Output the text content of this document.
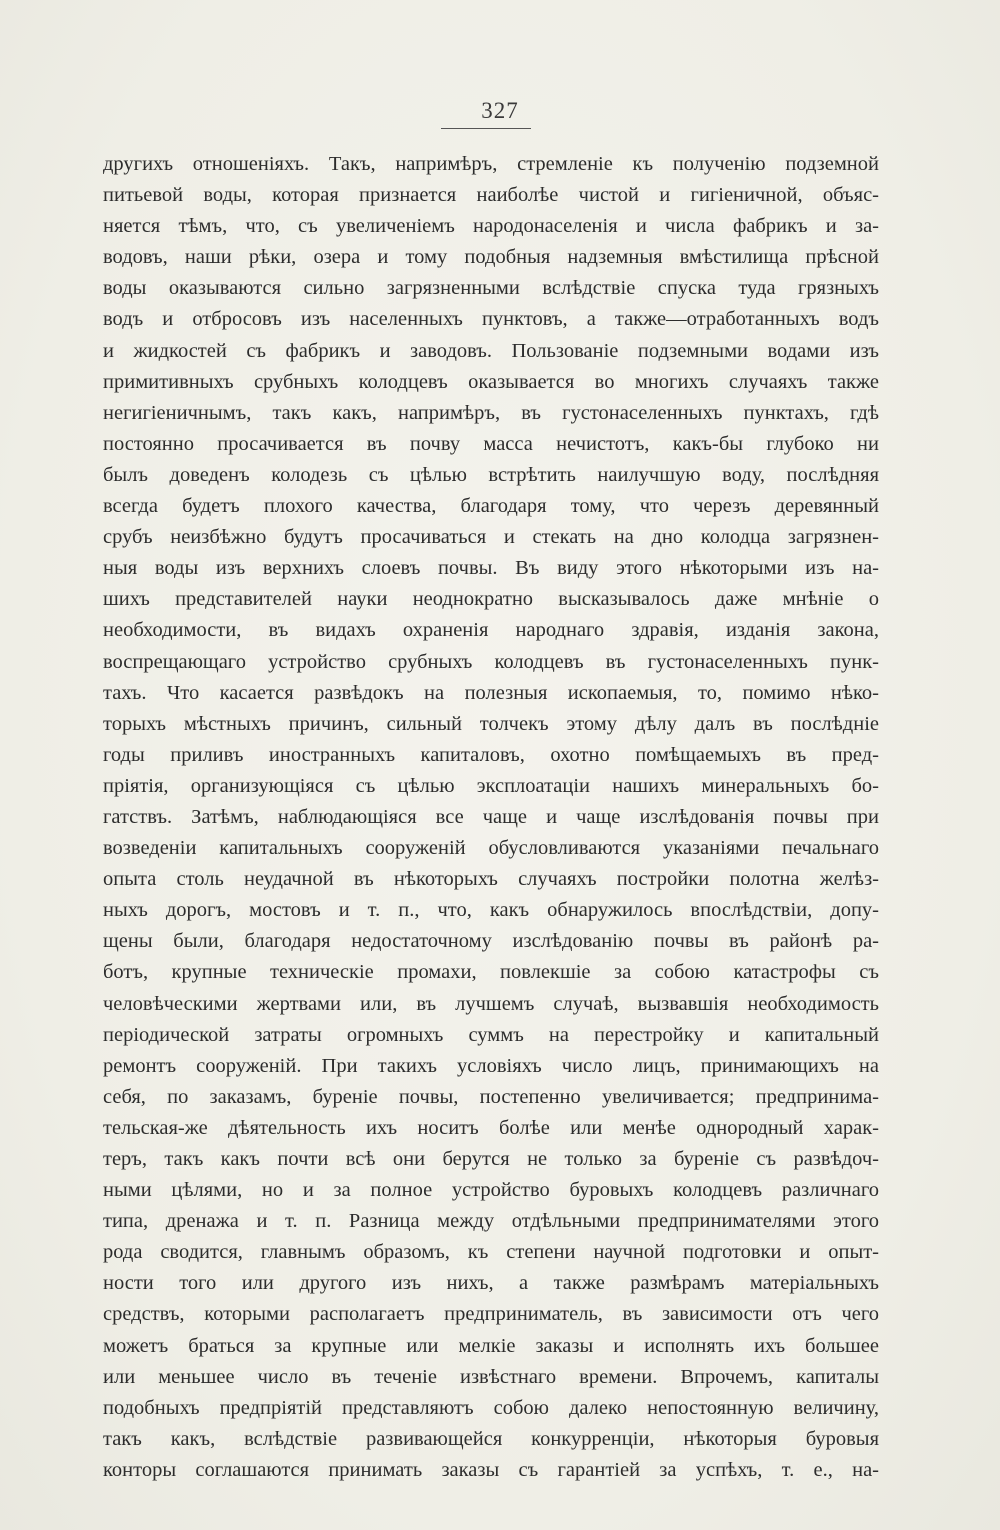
327
другихъ отношеніяхъ. Такъ, напримѣръ, стремленіе къ полученію подземной
питьевой воды, которая признается наиболѣе чистой и гигіеничной, объяс-
няется тѣмъ, что, съ увеличеніемъ народонаселенія и числа фабрикъ и за-
водовъ, наши рѣки, озера и тому подобныя надземныя вмѣстилища прѣсной
воды оказываются сильно загрязненными вслѣдствіе спуска туда грязныхъ
водъ и отбросовъ изъ населенныхъ пунктовъ, а также—отработанныхъ водъ
и жидкостей съ фабрикъ и заводовъ. Пользованіе подземными водами изъ
примитивныхъ срубныхъ колодцевъ оказывается во многихъ случаяхъ также
негигіеничнымъ, такъ какъ, напримѣръ, въ густонаселенныхъ пунктахъ, гдѣ
постоянно просачивается въ почву масса нечистотъ, какъ-бы глубоко ни
былъ доведенъ колодезь съ цѣлью встрѣтить наилучшую воду, послѣдняя
всегда будетъ плохого качества, благодаря тому, что черезъ деревянный
срубъ неизбѣжно будутъ просачиваться и стекать на дно колодца загрязнен-
ныя воды изъ верхнихъ слоевъ почвы. Въ виду этого нѣкоторыми изъ на-
шихъ представителей науки неоднократно высказывалось даже мнѣніе о
необходимости, въ видахъ охраненія народнаго здравія, изданія закона,
воспрещающаго устройство срубныхъ колодцевъ въ густонаселенныхъ пунк-
тахъ. Что касается развѣдокъ на полезныя ископаемыя, то, помимо нѣко-
торыхъ мѣстныхъ причинъ, сильный толчекъ этому дѣлу далъ въ послѣдніе
годы приливъ иностранныхъ капиталовъ, охотно помѣщаемыхъ въ пред-
пріятія, организующіяся съ цѣлью эксплоатаціи нашихъ минеральныхъ бо-
гатствъ. Затѣмъ, наблюдающіяся все чаще и чаще изслѣдованія почвы при
возведеніи капитальныхъ сооруженій обусловливаются указаніями печальнаго
опыта столь неудачной въ нѣкоторыхъ случаяхъ постройки полотна желѣз-
ныхъ дорогъ, мостовъ и т. п., что, какъ обнаружилось впослѣдствіи, допу-
щены были, благодаря недостаточному изслѣдованію почвы въ районѣ ра-
ботъ, крупные техническіе промахи, повлекшіе за собою катастрофы съ
человѣческими жертвами или, въ лучшемъ случаѣ, вызвавшія необходимость
періодической затраты огромныхъ суммъ на перестройку и капитальный
ремонтъ сооруженій. При такихъ условіяхъ число лицъ, принимающихъ на
себя, по заказамъ, буреніе почвы, постепенно увеличивается; предпринима-
тельская-же дѣятельность ихъ носитъ болѣе или менѣе однородный харак-
теръ, такъ какъ почти всѣ они берутся не только за буреніе съ развѣдоч-
ными цѣлями, но и за полное устройство буровыхъ колодцевъ различнаго
типа, дренажа и т. п. Разница между отдѣльными предпринимателями этого
рода сводится, главнымъ образомъ, къ степени научной подготовки и опыт-
ности того или другого изъ нихъ, а также размѣрамъ матеріальныхъ
средствъ, которыми располагаетъ предприниматель, въ зависимости отъ чего
можетъ браться за крупные или мелкіе заказы и исполнять ихъ большее
или меньшее число въ теченіе извѣстнаго времени. Впрочемъ, капиталы
подобныхъ предпріятій представляютъ собою далеко непостоянную величину,
такъ какъ, вслѣдствіе развивающейся конкурренціи, нѣкоторыя буровыя
конторы соглашаются принимать заказы съ гарантіей за успѣхъ, т. е., на-
